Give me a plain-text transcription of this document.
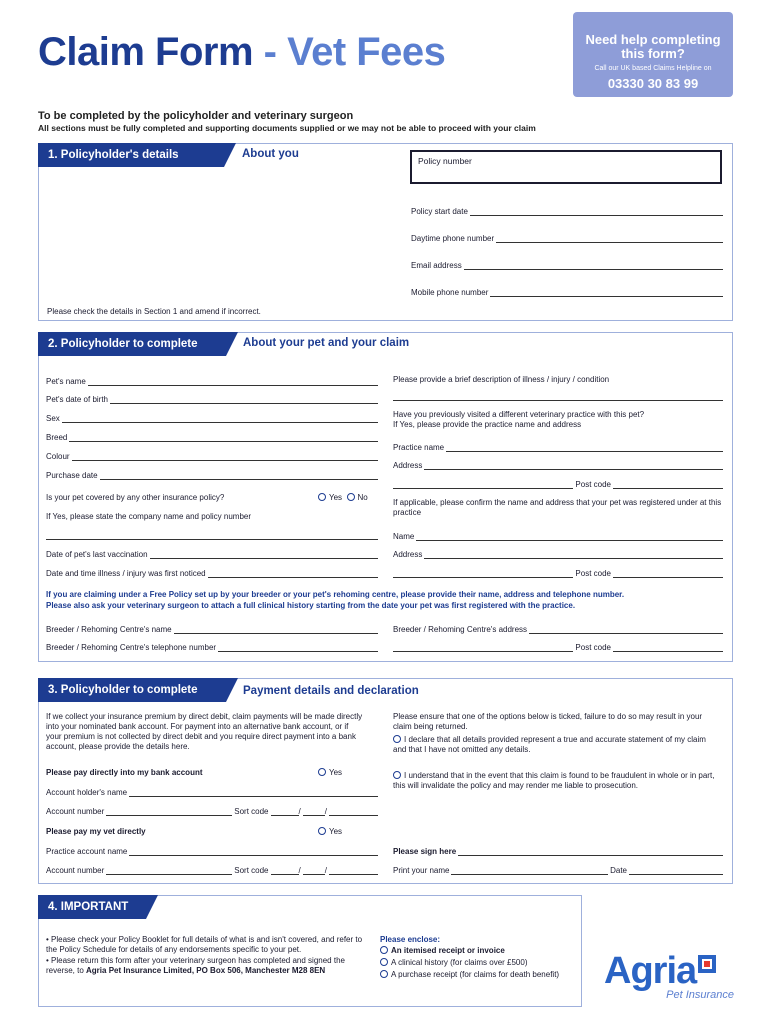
Claim Form - Vet Fees	Need help completing
this form?
Call our UK based Claims Helpline on
03330 30 83 99
To be completed by the policyholder and veterinary surgeon
All sections must be fully completed and supporting documents supplied or we may not be able to proceed with your claim
1. Policyholder's details	About you
Please check the details in Section 1 and amend if incorrect.
Policy number
Policy start date
Daytime phone number
Email address
Mobile phone number
2. Policyholder to complete	About your pet and your claim
Pet's name
Pet's date of birth
Sex
Breed
Colour
Purchase date
Is your pet covered by any other insurance policy?	Yes No
If Yes, please state the company name and policy number
Date of pet's last vaccination
Date and time illness / injury was first noticed
Please provide a brief description of illness / injury / condition
Have you previously visited a different veterinary practice with this pet?
If Yes, please provide the practice name and address
Practice name
Address
Post code
If applicable, please confirm the name and address that your pet was registered under at this practice
Name
Address
Post code
If you are claiming under a Free Policy set up by your breeder or your pet's rehoming centre, please provide their name, address and telephone number.
Please also ask your veterinary surgeon to attach a full clinical history starting from the date your pet was first registered with the practice.
Breeder / Rehoming Centre's name
Breeder / Rehoming Centre's telephone number
Breeder / Rehoming Centre's address
Post code
3. Policyholder to complete	Payment details and declaration
If we collect your insurance premium by direct debit, claim payments will be made directly into your nominated bank account. For payment into an alternative bank account, or if your premium is not collected by direct debit and you require direct payment into a bank account, please provide the details here.
Please pay directly into my bank account	Yes
Account holder's name
Account number	Sort code	/	/
Please pay my vet directly	Yes
Practice account name
Account number	Sort code	/	/
Please ensure that one of the options below is ticked, failure to do so may result in your claim being returned.
I declare that all details provided represent a true and accurate statement of my claim and that I have not omitted any details.
I understand that in the event that this claim is found to be fraudulent in whole or in part, this will invalidate the policy and may render me liable to prosecution.
Please sign here
Print your name	Date
4. IMPORTANT
• Please check your Policy Booklet for full details of what is and isn't covered, and refer to the Policy Schedule for details of any endorsements specific to your pet.
• Please return this form after your veterinary surgeon has completed and signed the reverse, to Agria Pet Insurance Limited, PO Box 506, Manchester M28 8EN
Please enclose:
An itemised receipt or invoice
A clinical history (for claims over £500)
A purchase receipt (for claims for death benefit) Agria
Pet Insurance
